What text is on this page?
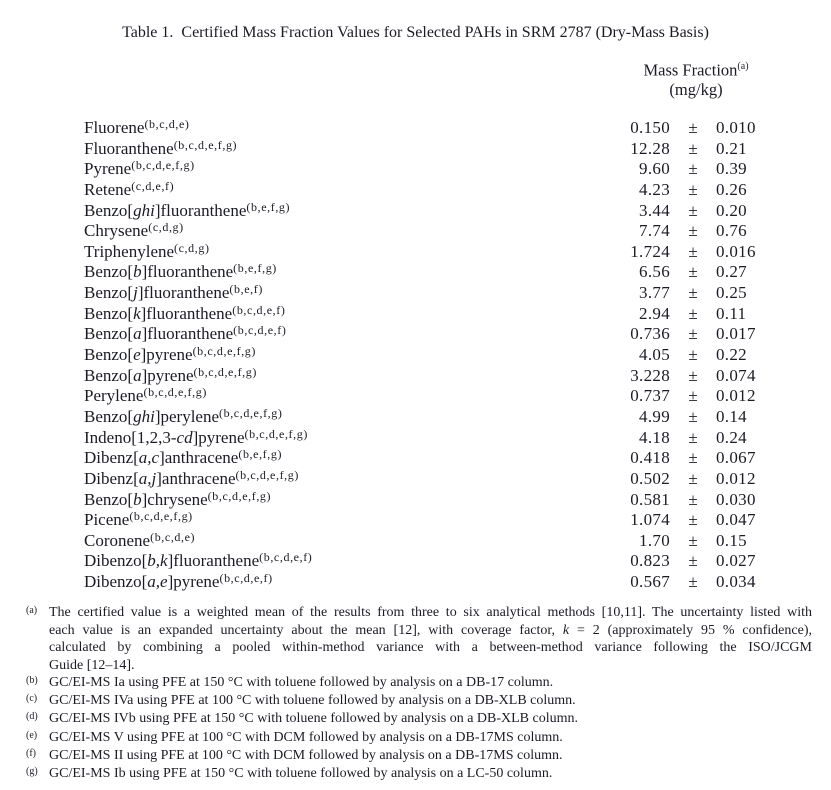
Table 1. Certified Mass Fraction Values for Selected PAHs in SRM 2787 (Dry-Mass Basis)
Mass Fraction$^{(a)}$
(mg/kg)
Fluorene$^{(b,c,d,e)}$	0.150	±	0.010
Fluoranthene$^{(b,c,d,e,f,g)}$	12.28	±	0.21
Pyrene$^{(b,c,d,e,f,g)}$	9.60	±	0.39
Retene$^{(c,d,e,f)}$	4.23	±	0.26
Benzo[ghi]fluoranthene$^{(b,e,f,g)}$	3.44	±	0.20
Chrysene$^{(c,d,g)}$	7.74	±	0.76
Triphenylene$^{(c,d,g)}$	1.724	±	0.016
Benzo[b]fluoranthene$^{(b,e,f,g)}$	6.56	±	0.27
Benzo[j]fluoranthene$^{(b,e,f)}$	3.77	±	0.25
Benzo[k]fluoranthene$^{(b,c,d,e,f)}$	2.94	±	0.11
Benzo[a]fluoranthene$^{(b,c,d,e,f)}$	0.736	±	0.017
Benzo[e]pyrene$^{(b,c,d,e,f,g)}$	4.05	±	0.22
Benzo[a]pyrene$^{(b,c,d,e,f,g)}$	3.228	±	0.074
Perylene$^{(b,c,d,e,f,g)}$	0.737	±	0.012
Benzo[ghi]perylene$^{(b,c,d,e,f,g)}$	4.99	±	0.14
Indeno[1,2,3-cd]pyrene$^{(b,c,d,e,f,g)}$	4.18	±	0.24
Dibenz[a,c]anthracene$^{(b,e,f,g)}$	0.418	±	0.067
Dibenz[a,j]anthracene$^{(b,c,d,e,f,g)}$	0.502	±	0.012
Benzo[b]chrysene$^{(b,c,d,e,f,g)}$	0.581	±	0.030
Picene$^{(b,c,d,e,f,g)}$	1.074	±	0.047
Coronene$^{(b,c,d,e)}$	1.70	±	0.15
Dibenzo[b,k]fluoranthene$^{(b,c,d,e,f)}$	0.823	±	0.027
Dibenzo[a,e]pyrene$^{(b,c,d,e,f)}$	0.567	±	0.034
(a) The certified value is a weighted mean of the results from three to six analytical methods [10,11]. The uncertainty listed with
each value is an expanded uncertainty about the mean [12], with coverage factor, k = 2 (approximately 95 % confidence),
calculated by combining a pooled within-method variance with a between-method variance following the ISO/JCGM
Guide [12–14].
(b) GC/EI-MS Ia using PFE at 150 °C with toluene followed by analysis on a DB-17 column.
(c) GC/EI-MS IVa using PFE at 100 °C with toluene followed by analysis on a DB-XLB column.
(d) GC/EI-MS IVb using PFE at 150 °C with toluene followed by analysis on a DB-XLB column.
(e) GC/EI-MS V using PFE at 100 °C with DCM followed by analysis on a DB-17MS column.
(f) GC/EI-MS II using PFE at 100 °C with DCM followed by analysis on a DB-17MS column.
(g) GC/EI-MS Ib using PFE at 150 °C with toluene followed by analysis on a LC-50 column.
